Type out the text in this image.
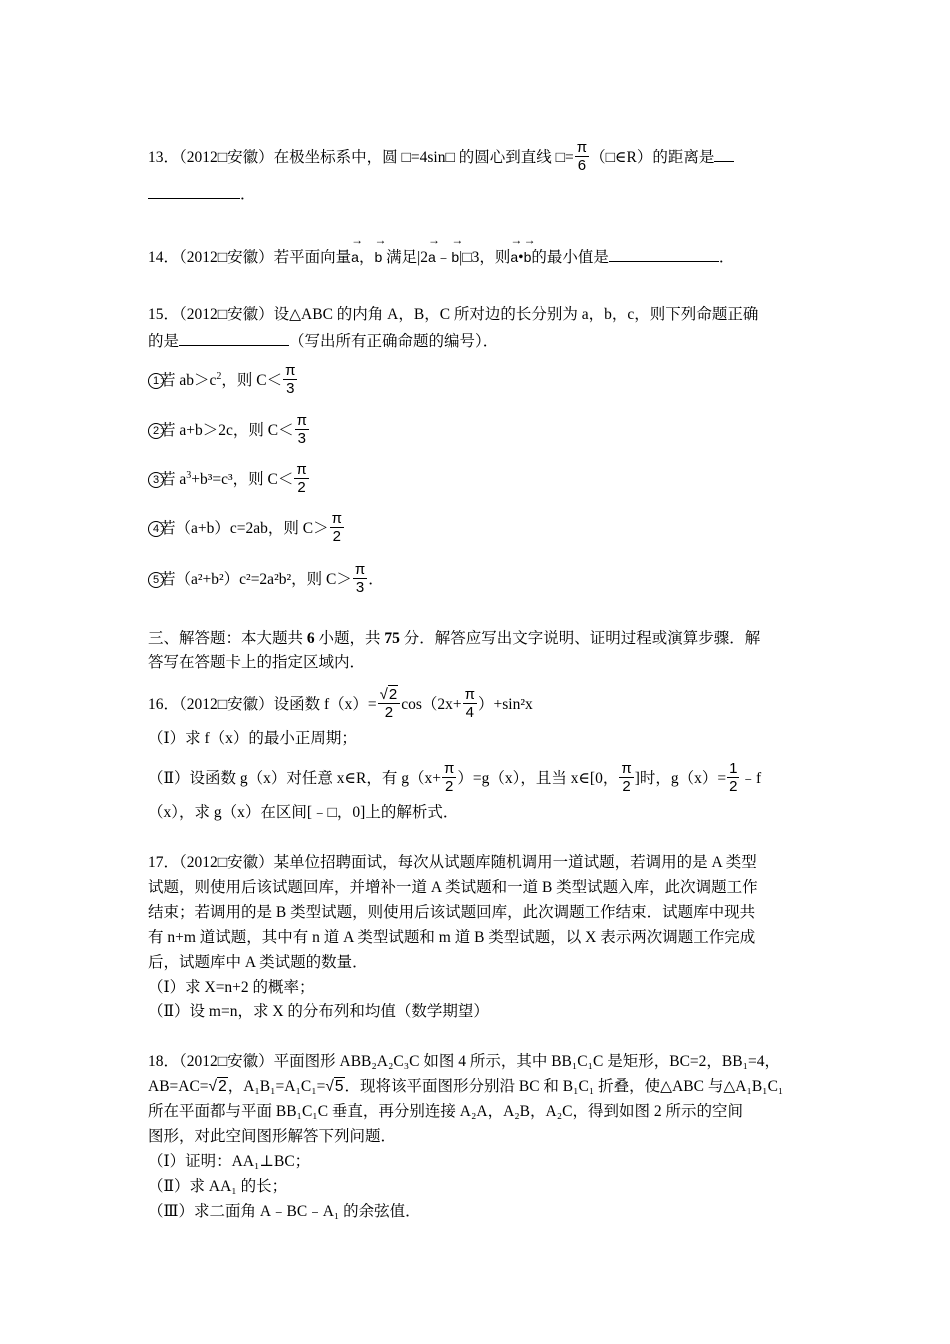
13．（2012□安徽）在极坐标系中，圆 □=4sin□ 的圆心到直线 □= $\frac{\pi}{6}$ （□∈R）的距离是
．
14．（2012□安徽）若平面向量→ a，→ b 满足|2→ a﹣→ b|□3，则→ a•→ b的最小值是	．
15．（2012□安徽）设△ABC 的内角 A，B，C 所对边的长分别为 a，b，c，则下列命题正确
的是	（写出所有正确命题的编号）．
1若 $ab>c^2$，则 $C< \frac{\pi}{3}$
2若 a+b＞2c，则 $C< \frac{\pi}{3}$
3若 $a^3+b^3=c^3$，则 $C< \frac{\pi}{2}$
4若（a+b）c=2ab，则 $C> \frac{\pi}{2}$
5若（a²+b²）c²=2a²b²，则 $C> \frac{\pi}{3}$ ．
三、解答题：本大题共 6 小题，共 75 分．解答应写出文字说明、证明过程或演算步骤．解
答写在答题卡上的指定区域内．
16．（2012□安徽）设函数 $f(x)= \frac{√2}{2} \cos(2x+ \frac{\pi}{4} )+\sin^2x$
（Ⅰ）求 f（x）的最小正周期；
（Ⅱ）设函数 g（x）对任意 x∈R，有 $g(x+ \frac{\pi}{2} )=g(x)$，且当 x∈[0， $\frac{\pi}{2}$ ]时，$g(x)= \frac{1}{2}$ ﹣f
（x），求 g（x）在区间[﹣□，0]上的解析式．
17．（2012□安徽）某单位招聘面试，每次从试题库随机调用一道试题，若调用的是 A 类型
试题，则使用后该试题回库，并增补一道 A 类试题和一道 B 类型试题入库，此次调题工作
结束；若调用的是 B 类型试题，则使用后该试题回库，此次调题工作结束．试题库中现共
有 n+m 道试题，其中有 n 道 A 类型试题和 m 道 B 类型试题，以 X 表示两次调题工作完成
后，试题库中 A 类试题的数量．
（Ⅰ）求 X=n+2 的概率；
（Ⅱ）设 m=n，求 X 的分布列和均值（数学期望）
18．（2012□安徽）平面图形 ABB₂A₂C₃C 如图 4 所示，其中 BB₁C₁C 是矩形，BC=2，BB₁=4，
AB=AC=√2，A₁B₁=A₁C₁=√5．现将该平面图形分别沿 BC 和 B₁C₁ 折叠，使△ABC 与△A₁B₁C₁
所在平面都与平面 BB₁C₁C 垂直，再分别连接 A₂A，A₂B，A₂C，得到如图 2 所示的空间
图形，对此空间图形解答下列问题．
（Ⅰ）证明：AA₁⊥BC；
（Ⅱ）求 AA₁ 的长；
（Ⅲ）求二面角 A﹣BC﹣A₁ 的余弦值．
